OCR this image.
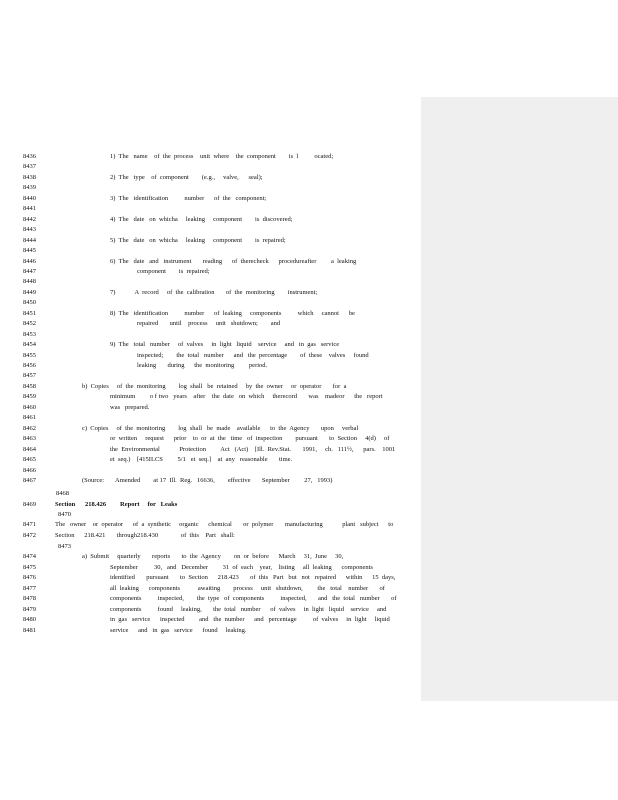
8436	1)  The   name    of  the  process    unit  where    the  component        is  l          ocated;
8437
8438	2)  The   type    of  component        (e.g.,     valve,      seal);
8439
8440	3)  The   identification          number      of  the   component;
8441
8442	4)  The   date   on  whicha     leaking     component        is  discovered;
8443
8444	5)  The   date   on  whicha     leaking     component        is  repaired;
8445
8446	6)  The   date   and   instrument       reading      of  therecheck      procedureafter         a  leaking
8447	component        is  repaired;
8448
8449	7)            A  record     of  the  calibration       of  the  monitoring        instrument;
8450
8451	8)  The   identification          number      of  leaking     components          which     cannot      be
8452	repaired       until    process     unit   shutdown;        and
8453
8454	9)  The   total   number     of  valves     in  light   liquid    service     and   in  gas   service
8455	inspected;        the  total   number      and   the  percentage        of  these    valves     found
8456	leaking       during      the  monitoring         period.
8457
8458	b)  Copies     of  the  monitoring        log  shall   be  retained     by  the  owner     or  operator       for  a
8459	minimum         o f two   years    after    the  date   on  which     therecord       was    madeor      the   report
8460	was   prepared.
8461
8462	c)  Copies     of  the  monitoring        log  shall   be  made    available      to  the  Agency       upon     verbal
8463	or  written     request      prior    to  or  at  the   time   of  inspection        pursuant       to  Section     4(d)     of
8464	the  Environmental            Protection         Act   (Act)    [Ill.  Rev.Stat.       1991,     ch.   111½,      pars.    1001
8465	et  seq.)    [415ILCS         5/1   et  seq.]    at  any   reasonable       time.
8466
8467	(Source:       Amended        at 17  Ill.  Reg.   16636,        effective       September         27,   1993)
8468
8469	Section 218.426 Report     for   Leaks
8470
8471	The   owner    or  operator      of  a  synthetic     organic      chemical       or  polymer       manufacturing            plant   subject      to
8472	Section      218.421       through218.430              of  this    Part   shall:
8473
8474	a)  Submit     quarterly       reports       to  the  Agency        on  or  before      March     31,  June     30,
8475	September          30,   and   December         31  of  each    year,    listing     all  leaking      components
8476	identified       pursuant       to  Section      218.423       of  this   Part   but   not   repaired      within      15  days,
8477	all  leaking      components           awaiting        process     unit   shutdown,         the   total    number       of
8478	components          inspected,        the  type   of  components          inspected,       and   the  total   number       of
8479	components          found     leaking,       the  total   number      of  valves     in  light   liquid    service     and
8480	in  gas   service      inspected         and   the  number      and   percentage          of  valves     in  light     liquid
8481	service      and   in  gas   service      found     leaking.
